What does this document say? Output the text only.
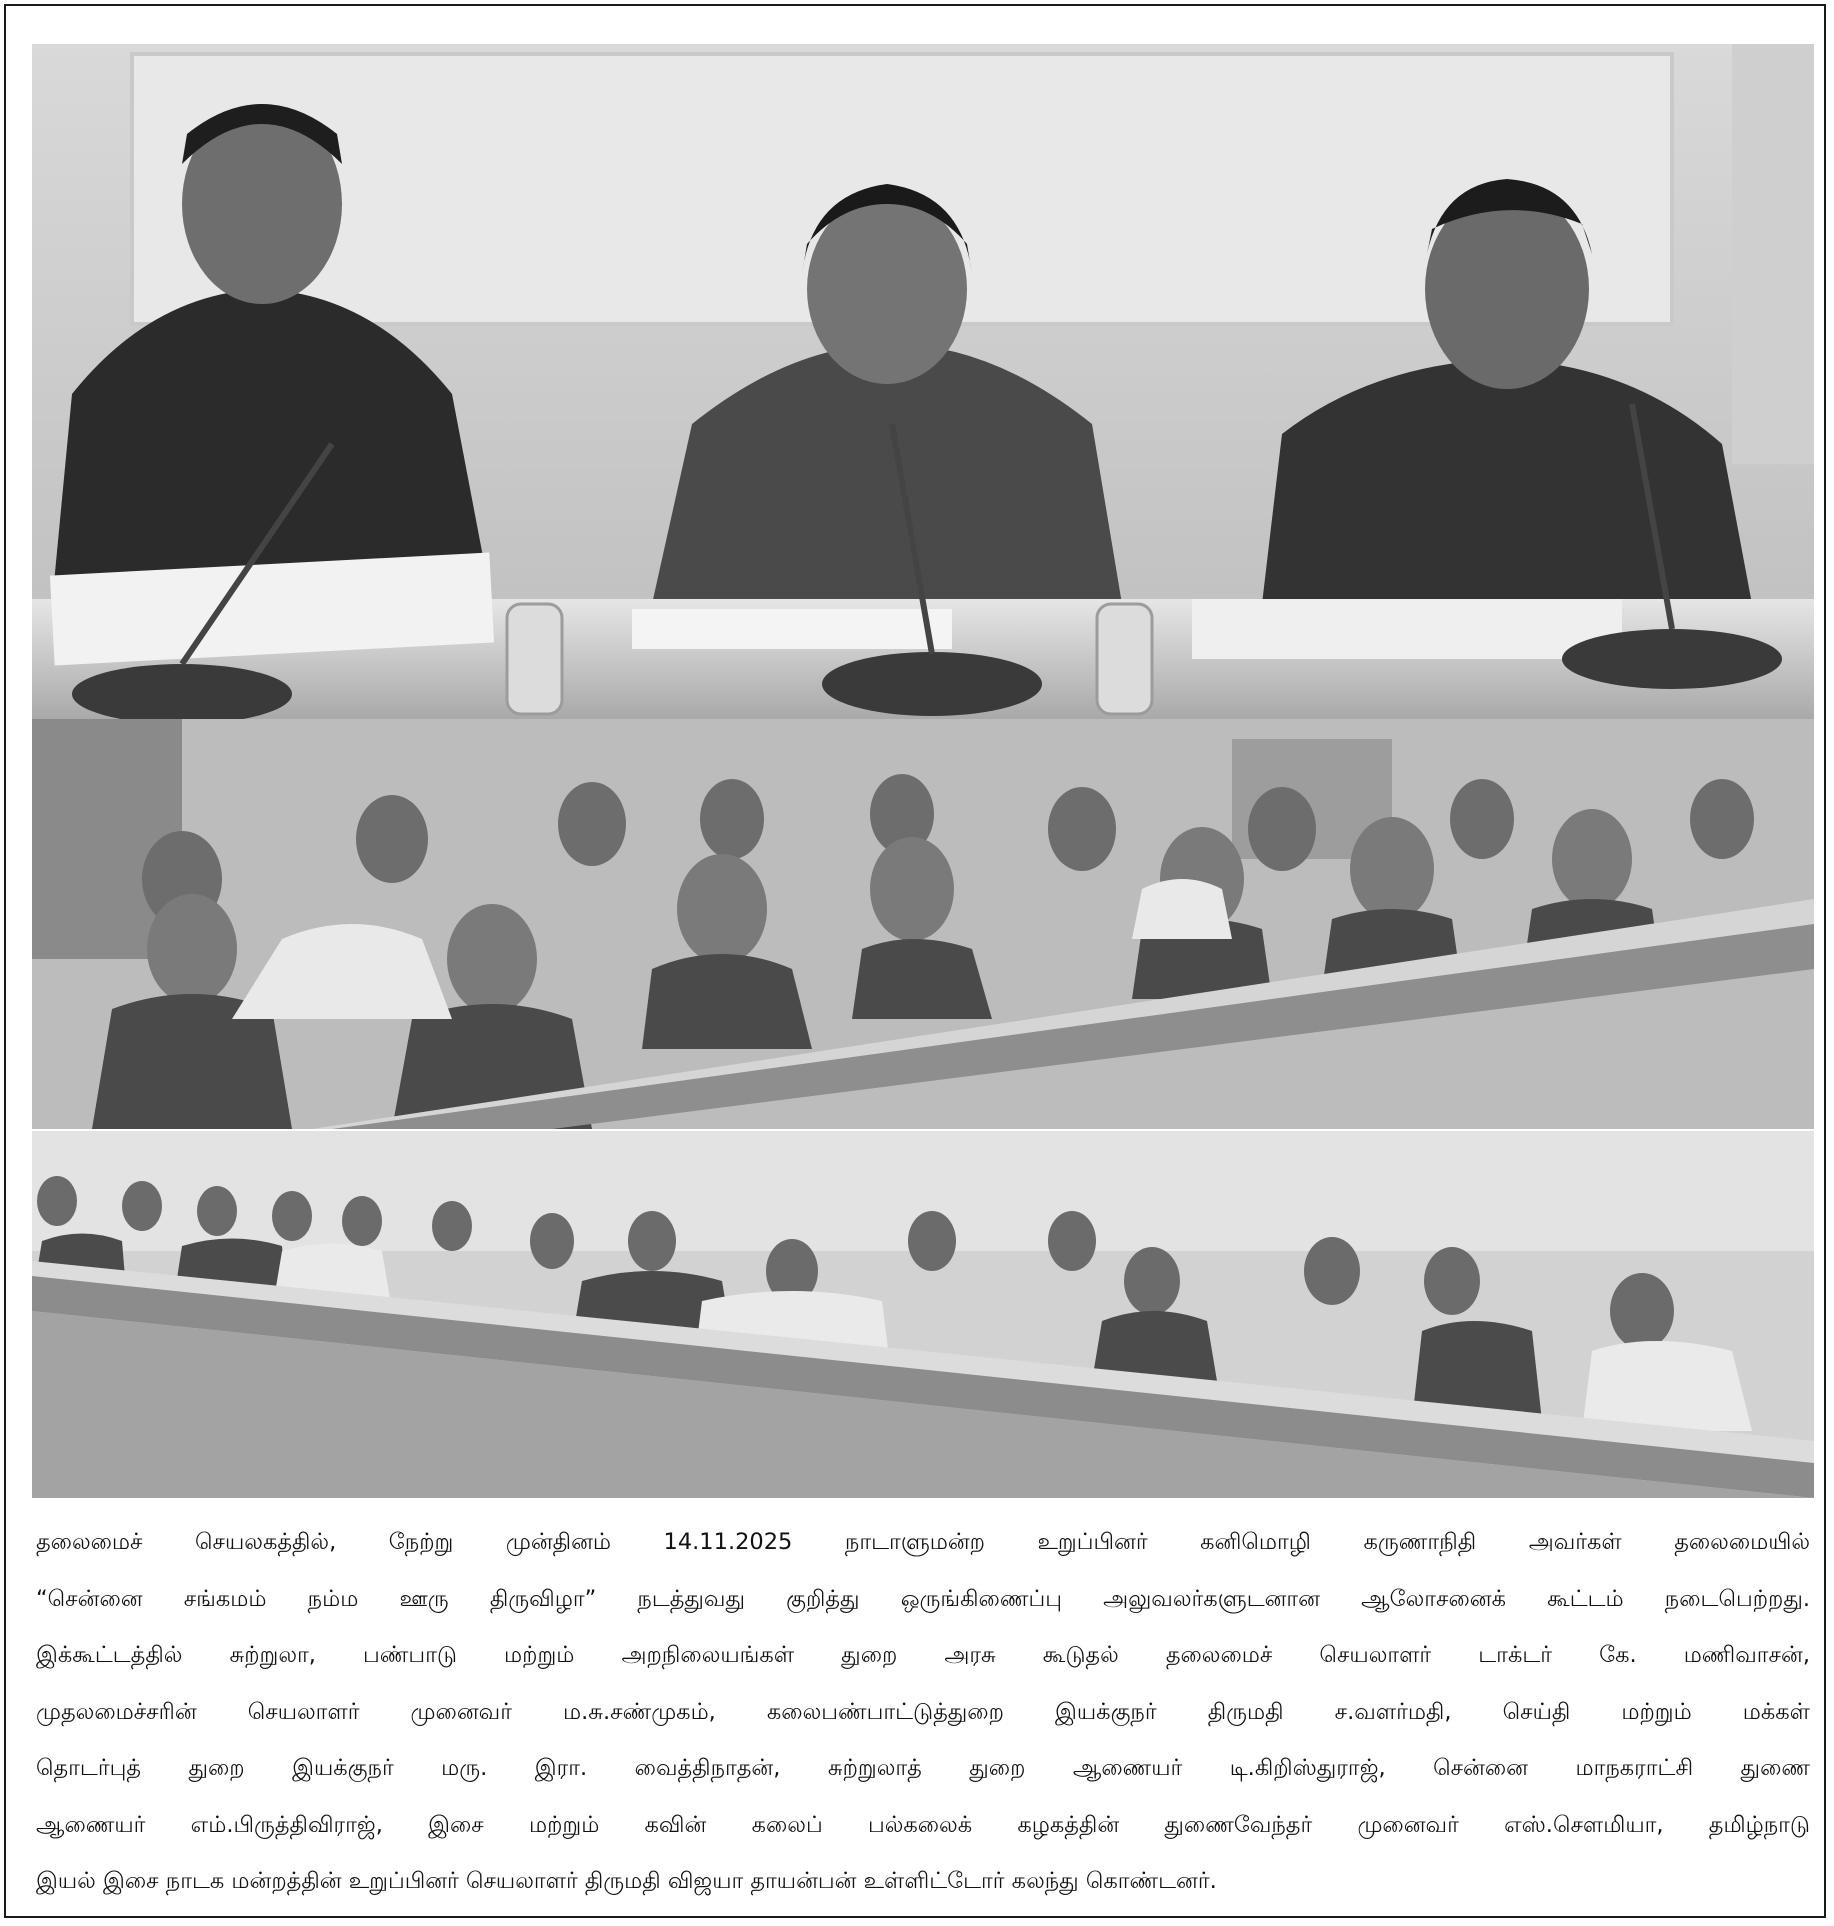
தலைமைச் செயலகத்தில், நேற்று முன்தினம் 14.11.2025 நாடாளுமன்ற உறுப்பினர் கனிமொழி கருணாநிதி அவர்கள் தலைமையில்
“சென்னை சங்கமம் நம்ம ஊரு திருவிழா” நடத்துவது குறித்து ஒருங்கிணைப்பு அலுவலர்களுடனான ஆலோசனைக் கூட்டம் நடைபெற்றது.
இக்கூட்டத்தில் சுற்றுலா, பண்பாடு மற்றும் அறநிலையங்கள் துறை அரசு கூடுதல் தலைமைச் செயலாளர் டாக்டர் கே. மணிவாசன்,
முதலமைச்சரின் செயலாளர் முனைவர் ம.சு.சண்முகம், கலைபண்பாட்டுத்துறை இயக்குநர் திருமதி ச.வளர்மதி, செய்தி மற்றும் மக்கள்
தொடர்புத் துறை இயக்குநர் மரு. இரா. வைத்திநாதன், சுற்றுலாத் துறை ஆணையர் டி.கிறிஸ்துராஜ், சென்னை மாநகராட்சி துணை
ஆணையர் எம்.பிருத்திவிராஜ், இசை மற்றும் கவின் கலைப் பல்கலைக் கழகத்தின் துணைவேந்தர் முனைவர் எஸ்.சௌமியா, தமிழ்நாடு
இயல் இசை நாடக மன்றத்தின் உறுப்பினர் செயலாளர் திருமதி விஜயா தாயன்பன் உள்ளிட்டோர் கலந்து கொண்டனர்.
